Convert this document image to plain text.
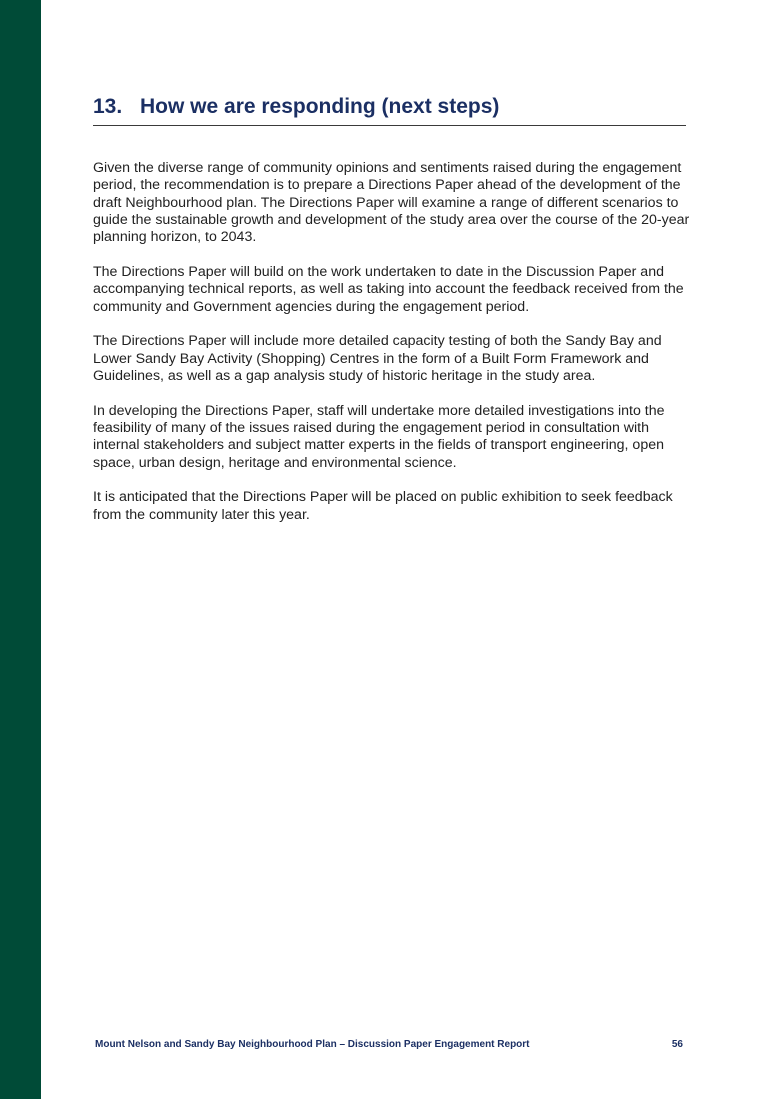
13. How we are responding (next steps)

Given the diverse range of community opinions and sentiments raised during the engagement period, the recommendation is to prepare a Directions Paper ahead of the development of the draft Neighbourhood plan. The Directions Paper will examine a range of different scenarios to guide the sustainable growth and development of the study area over the course of the 20-year planning horizon, to 2043.

The Directions Paper will build on the work undertaken to date in the Discussion Paper and accompanying technical reports, as well as taking into account the feedback received from the community and Government agencies during the engagement period.

The Directions Paper will include more detailed capacity testing of both the Sandy Bay and Lower Sandy Bay Activity (Shopping) Centres in the form of a Built Form Framework and Guidelines, as well as a gap analysis study of historic heritage in the study area.

In developing the Directions Paper, staff will undertake more detailed investigations into the feasibility of many of the issues raised during the engagement period in consultation with internal stakeholders and subject matter experts in the fields of transport engineering, open space, urban design, heritage and environmental science.

It is anticipated that the Directions Paper will be placed on public exhibition to seek feedback from the community later this year.

Mount Nelson and Sandy Bay Neighbourhood Plan – Discussion Paper Engagement Report	56
